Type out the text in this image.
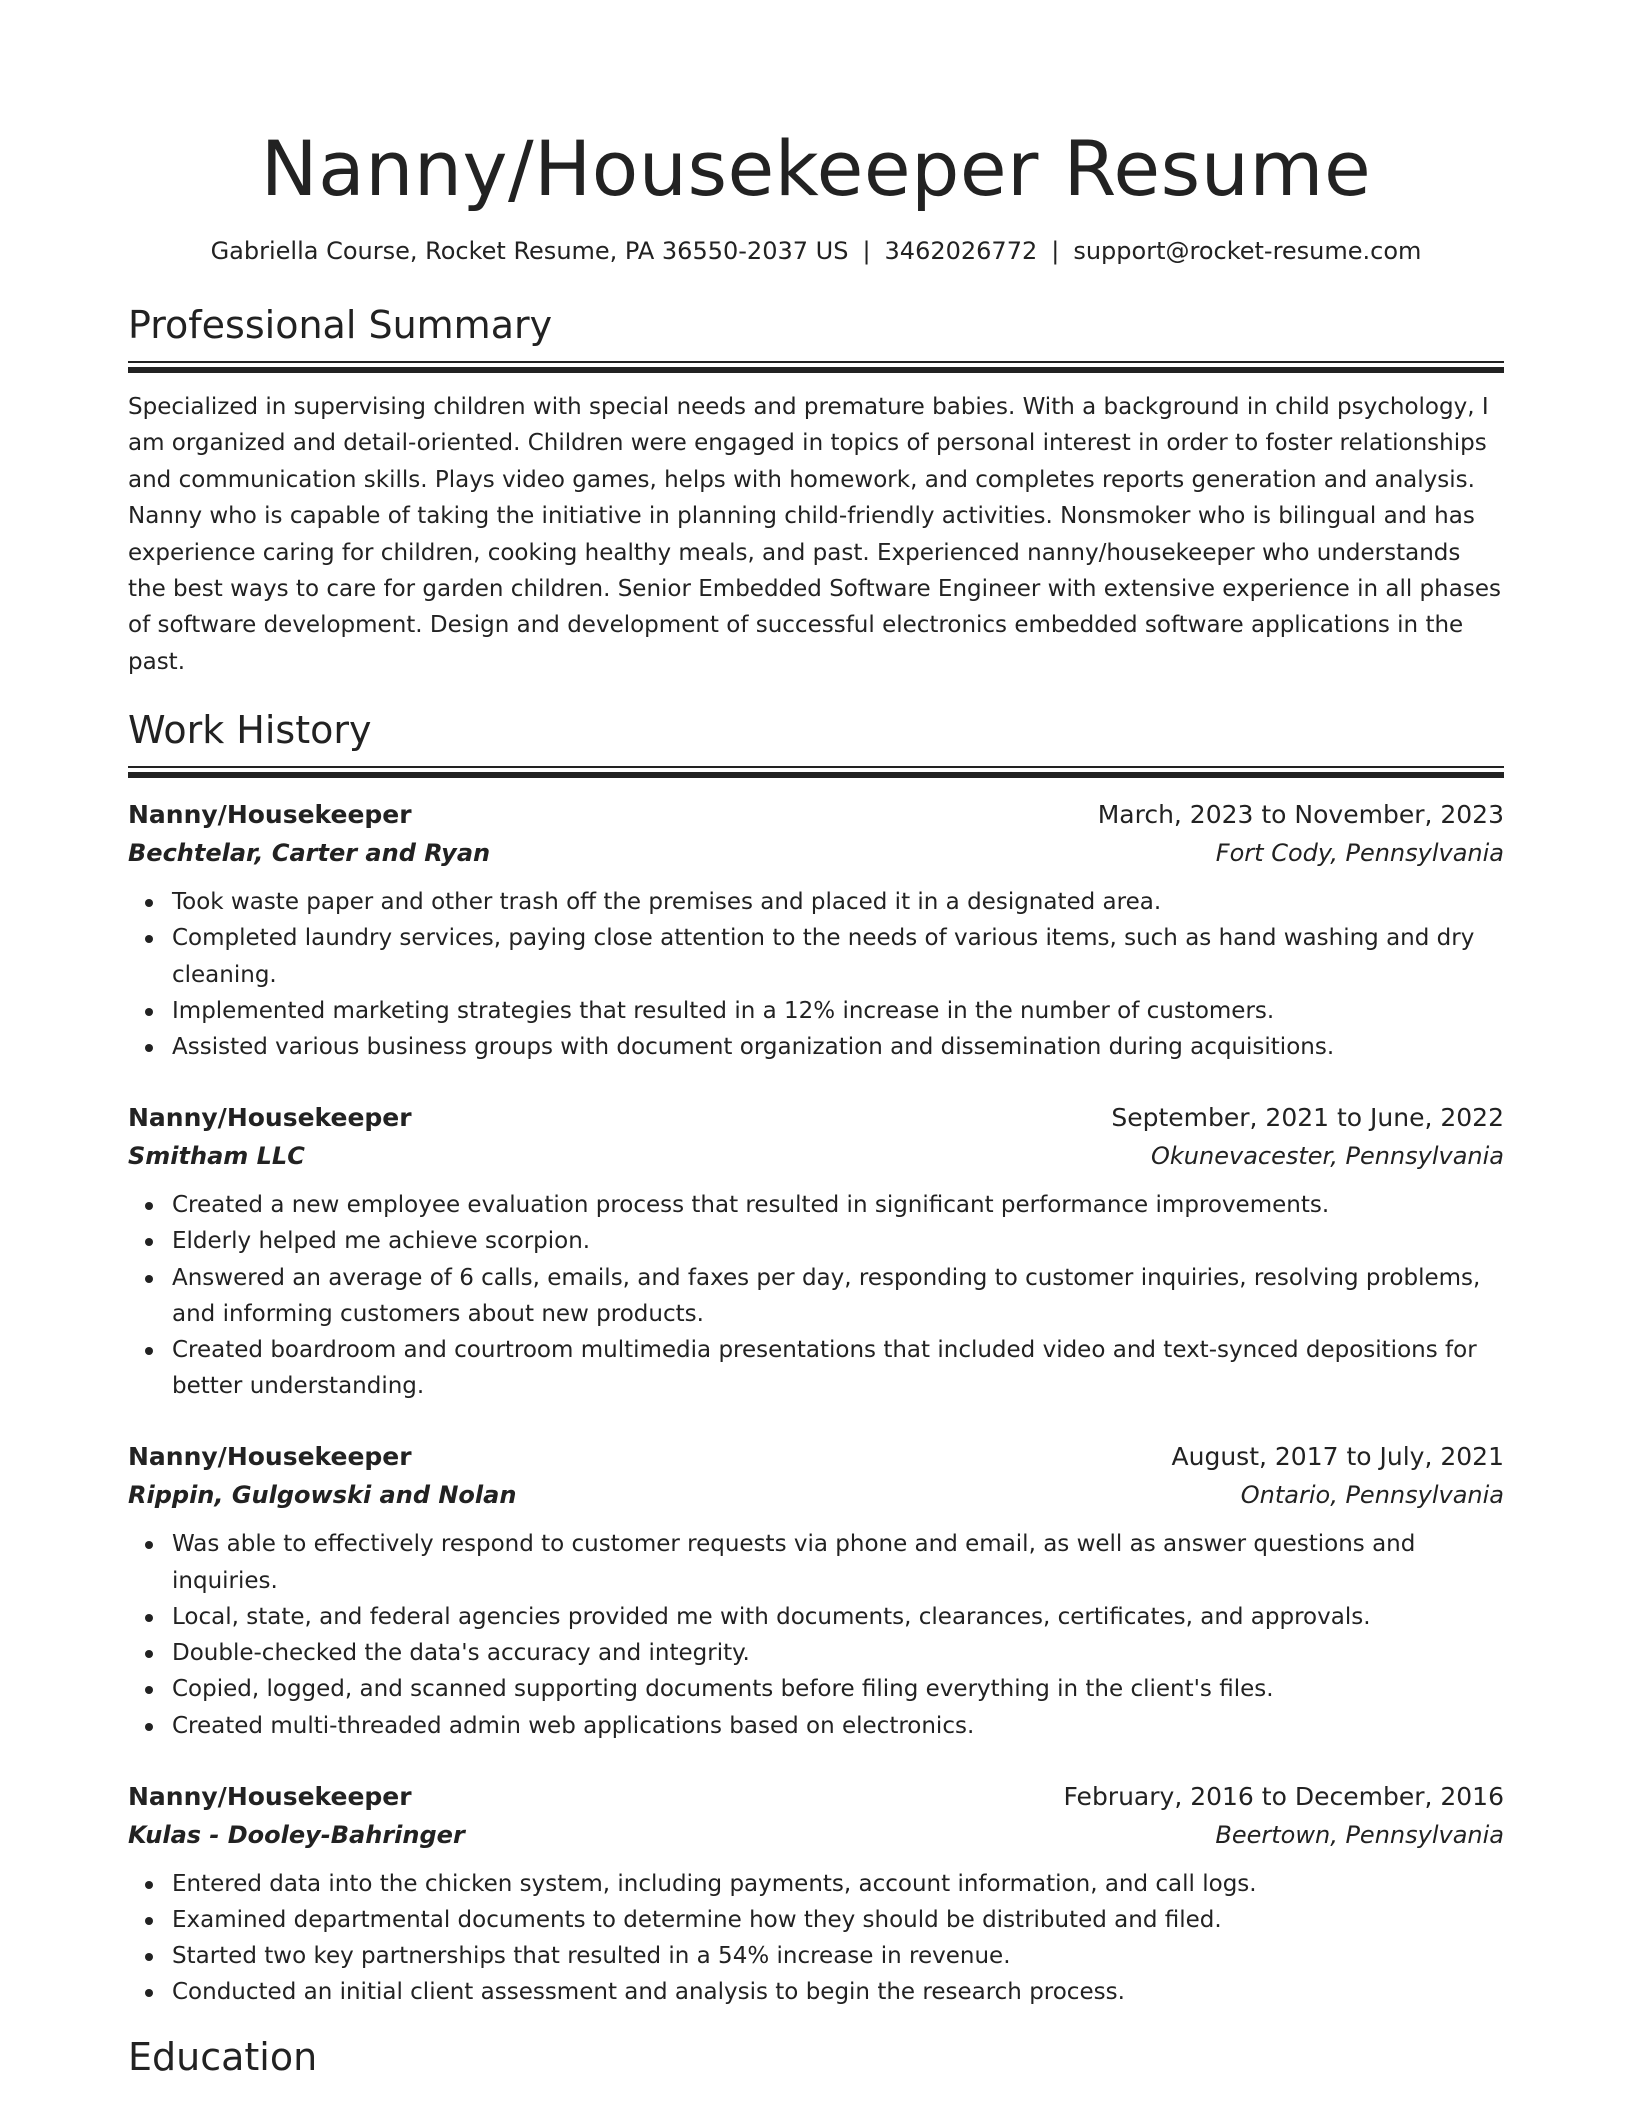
Nanny/Housekeeper Resume
Gabriella Course, Rocket Resume, PA 36550-2037 US | 3462026772 | support@rocket-resume.com
Professional Summary

Specialized in supervising children with special needs and premature babies. With a background in child psychology, I am organized and detail-oriented. Children were engaged in topics of personal interest in order to foster relationships and communication skills. Plays video games, helps with homework, and completes reports generation and analysis. Nanny who is capable of taking the initiative in planning child-friendly activities. Nonsmoker who is bilingual and has experience caring for children, cooking healthy meals, and past. Experienced nanny/housekeeper who understands the best ways to care for garden children. Senior Embedded Software Engineer with extensive experience in all phases of software development. Design and development of successful electronics embedded software applications in the past.

Work History
Nanny/Housekeeper	March, 2023 to November, 2023
Bechtelar, Carter and Ryan	Fort Cody, Pennsylvania
Took waste paper and other trash off the premises and placed it in a designated area.
Completed laundry services, paying close attention to the needs of various items, such as hand washing and dry cleaning.
Implemented marketing strategies that resulted in a 12% increase in the number of customers.
Assisted various business groups with document organization and dissemination during acquisitions.
Nanny/Housekeeper	September, 2021 to June, 2022
Smitham LLC	Okunevacester, Pennsylvania
Created a new employee evaluation process that resulted in significant performance improvements.
Elderly helped me achieve scorpion.
Answered an average of 6 calls, emails, and faxes per day, responding to customer inquiries, resolving problems, and informing customers about new products.
Created boardroom and courtroom multimedia presentations that included video and text-synced depositions for better understanding.
Nanny/Housekeeper	August, 2017 to July, 2021
Rippin, Gulgowski and Nolan	Ontario, Pennsylvania
Was able to effectively respond to customer requests via phone and email, as well as answer questions and inquiries.
Local, state, and federal agencies provided me with documents, clearances, certificates, and approvals.
Double-checked the data's accuracy and integrity.
Copied, logged, and scanned supporting documents before filing everything in the client's files.
Created multi-threaded admin web applications based on electronics.
Nanny/Housekeeper	February, 2016 to December, 2016
Kulas - Dooley-Bahringer	Beertown, Pennsylvania
Entered data into the chicken system, including payments, account information, and call logs.
Examined departmental documents to determine how they should be distributed and filed.
Started two key partnerships that resulted in a 54% increase in revenue.
Conducted an initial client assessment and analysis to begin the research process.
Education
